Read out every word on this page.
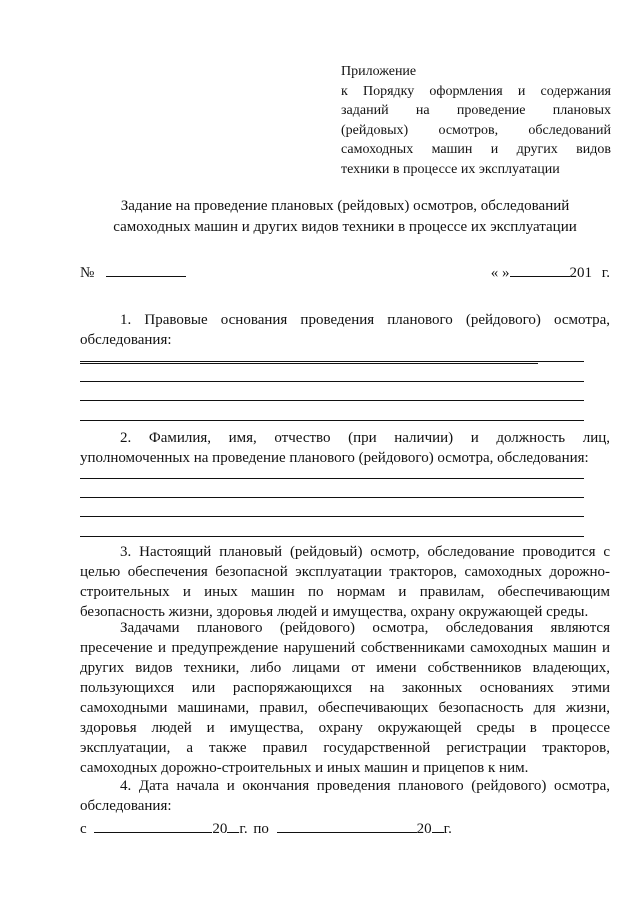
Приложение
к Порядку оформления и содержания
заданий на проведение плановых
(рейдовых) осмотров, обследований
самоходных машин и других видов
техники в процессе их эксплуатации
Задание на проведение плановых (рейдовых) осмотров, обследований
самоходных машин и других видов техники в процессе их эксплуатации
№	« »	201 г.
1. Правовые основания проведения планового (рейдового) осмотра,
обследования:
2. Фамилия, имя, отчество (при наличии) и должность лиц,
уполномоченных на проведение планового (рейдового) осмотра, обследования:
3. Настоящий плановый (рейдовый) осмотр, обследование проводится с целью обеспечения безопасной эксплуатации тракторов, самоходных дорожно-строительных и иных машин по нормам и правилам, обеспечивающим безопасность жизни, здоровья людей и имущества, охрану окружающей среды.
Задачами планового (рейдового) осмотра, обследования являются пресечение и предупреждение нарушений собственниками самоходных машин и других видов техники, либо лицами от имени собственников владеющих, пользующихся или распоряжающихся на законных основаниях этими самоходными машинами, правил, обеспечивающих безопасность для жизни, здоровья людей и имущества, охрану окружающей среды в процессе эксплуатации, а также правил государственной регистрации тракторов, самоходных дорожно-строительных и иных машин и прицепов к ним.
4. Дата начала и окончания проведения планового (рейдового) осмотра,
обследования:
с	20 г. по	20 г.
